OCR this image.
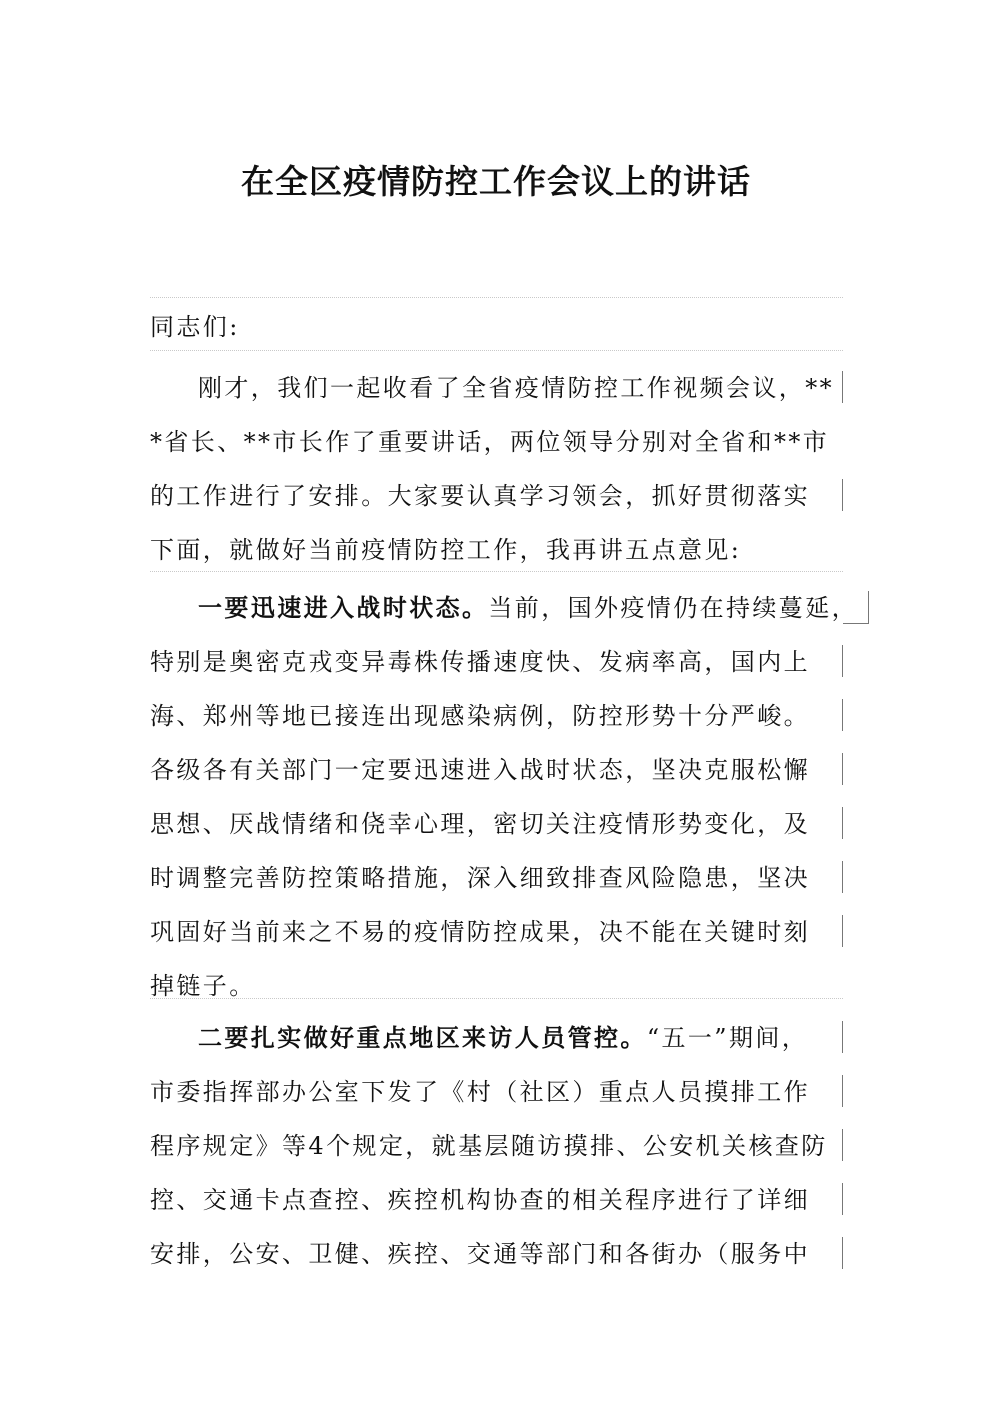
在全区疫情防控工作会议上的讲话
同志们:
刚才，我们一起收看了全省疫情防控工作视频会议，**
*省长、**市长作了重要讲话，两位领导分别对全省和**市
的工作进行了安排。大家要认真学习领会，抓好贯彻落实
下面，就做好当前疫情防控工作，我再讲五点意见:
一要迅速进入战时状态。当前，国外疫情仍在持续蔓延，
特别是奥密克戎变异毒株传播速度快、发病率高，国内上
海、郑州等地已接连出现感染病例，防控形势十分严峻。
各级各有关部门一定要迅速进入战时状态，坚决克服松懈
思想、厌战情绪和侥幸心理，密切关注疫情形势变化，及
时调整完善防控策略措施，深入细致排查风险隐患，坚决
巩固好当前来之不易的疫情防控成果，决不能在关键时刻
掉链子。
二要扎实做好重点地区来访人员管控。“五一”期间，
市委指挥部办公室下发了《村（社区）重点人员摸排工作
程序规定》等4个规定，就基层随访摸排、公安机关核查防
控、交通卡点查控、疾控机构协查的相关程序进行了详细
安排，公安、卫健、疾控、交通等部门和各街办（服务中
